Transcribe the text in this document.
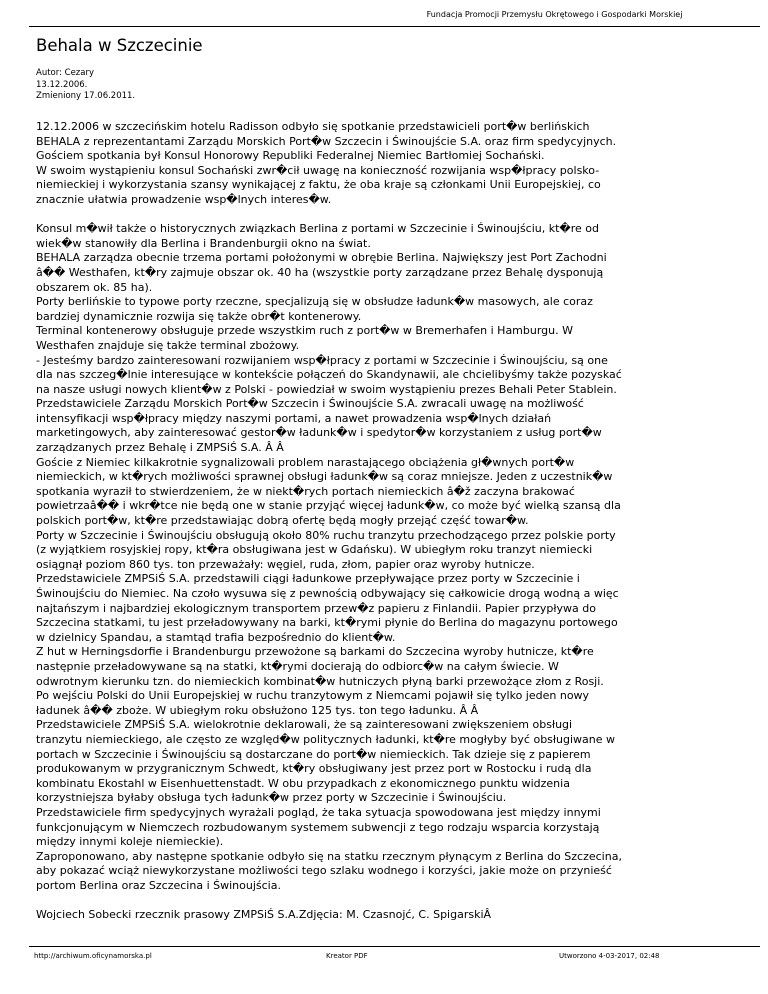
Fundacja Promocji Przemysłu Okrętowego i Gospodarki Morskiej
Behala w Szczecinie
Autor: Cezary
13.12.2006.
Zmieniony 17.06.2011.
12.12.2006 w szczecińskim hotelu Radisson odbyło się spotkanie przedstawicieli port�w berlińskich
BEHALA z reprezentantami Zarządu Morskich Port�w Szczecin i Świnoujście S.A. oraz firm spedycyjnych.
Gościem spotkania był Konsul Honorowy Republiki Federalnej Niemiec Bartłomiej Sochański.
W swoim wystąpieniu konsul Sochański zwr�cił uwagę na konieczność rozwijania wsp�łpracy polsko-
niemieckiej i wykorzystania szansy wynikającej z faktu, że oba kraje są członkami Unii Europejskiej, co
znacznie ułatwia prowadzenie wsp�lnych interes�w.
Konsul m�wił także o historycznych związkach Berlina z portami w Szczecinie i Świnoujściu, kt�re od
wiek�w stanowiły dla Berlina i Brandenburgii okno na świat.
BEHALA zarządza obecnie trzema portami położonymi w obrębie Berlina. Największy jest Port Zachodni
â�� Westhafen, kt�ry zajmuje obszar ok. 40 ha (wszystkie porty zarządzane przez Behalę dysponują
obszarem ok. 85 ha).
Porty berlińskie to typowe porty rzeczne, specjalizują się w obsłudze ładunk�w masowych, ale coraz
bardziej dynamicznie rozwija się także obr�t kontenerowy.
Terminal kontenerowy obsługuje przede wszystkim ruch z port�w w Bremerhafen i Hamburgu. W
Westhafen znajduje się także terminal zbożowy.
- Jesteśmy bardzo zainteresowani rozwijaniem wsp�łpracy z portami w Szczecinie i Świnoujściu, są one
dla nas szczeg�lnie interesujące w kontekście połączeń do Skandynawii, ale chcielibyśmy także pozyskać
na nasze usługi nowych klient�w z Polski - powiedział w swoim wystąpieniu prezes Behali Peter Stablein.
Przedstawiciele Zarządu Morskich Port�w Szczecin i Świnoujście S.A. zwracali uwagę na możliwość
intensyfikacji wsp�łpracy między naszymi portami, a nawet prowadzenia wsp�lnych działań
marketingowych, aby zainteresować gestor�w ładunk�w i spedytor�w korzystaniem z usług port�w
zarządzanych przez Behalę i ZMPSiŚ S.A. Â Â
Goście z Niemiec kilkakrotnie sygnalizowali problem narastającego obciążenia gł�wnych port�w
niemieckich, w kt�rych możliwości sprawnej obsługi ładunk�w są coraz mniejsze. Jeden z uczestnik�w
spotkania wyraził to stwierdzeniem, że w niekt�rych portach niemieckich â�ž zaczyna brakować
powietrzaâ�� i wkr�tce nie będą one w stanie przyjąć więcej ładunk�w, co może być wielką szansą dla
polskich port�w, kt�re przedstawiając dobrą ofertę będą mogły przejąć część towar�w.
Porty w Szczecinie i Świnoujściu obsługują około 80% ruchu tranzytu przechodzącego przez polskie porty
(z wyjątkiem rosyjskiej ropy, kt�ra obsługiwana jest w Gdańsku). W ubiegłym roku tranzyt niemiecki
osiągnął poziom 860 tys. ton przeważały: węgiel, ruda, złom, papier oraz wyroby hutnicze.
Przedstawiciele ZMPSiŚ S.A. przedstawili ciągi ładunkowe przepływające przez porty w Szczecinie i
Świnoujściu do Niemiec. Na czoło wysuwa się z pewnością odbywający się całkowicie drogą wodną a więc
najtańszym i najbardziej ekologicznym transportem przew�z papieru z Finlandii. Papier przypływa do
Szczecina statkami, tu jest przeładowywany na barki, kt�rymi płynie do Berlina do magazynu portowego
w dzielnicy Spandau, a stamtąd trafia bezpośrednio do klient�w.
Z hut w Herningsdorfie i Brandenburgu przewożone są barkami do Szczecina wyroby hutnicze, kt�re
następnie przeładowywane są na statki, kt�rymi docierają do odbiorc�w na całym świecie. W
odwrotnym kierunku tzn. do niemieckich kombinat�w hutniczych płyną barki przewożące złom z Rosji.
Po wejściu Polski do Unii Europejskiej w ruchu tranzytowym z Niemcami pojawił się tylko jeden nowy
ładunek â�� zboże. W ubiegłym roku obsłużono 125 tys. ton tego ładunku. Â Â
Przedstawiciele ZMPSiŚ S.A. wielokrotnie deklarowali, że są zainteresowani zwiększeniem obsługi
tranzytu niemieckiego, ale często ze względ�w politycznych ładunki, kt�re mogłyby być obsługiwane w
portach w Szczecinie i Świnoujściu są dostarczane do port�w niemieckich. Tak dzieje się z papierem
produkowanym w przygranicznym Schwedt, kt�ry obsługiwany jest przez port w Rostocku i rudą dla
kombinatu Ekostahl w Eisenhuettenstadt. W obu przypadkach z ekonomicznego punktu widzenia
korzystniejsza byłaby obsługa tych ładunk�w przez porty w Szczecinie i Świnoujściu.
Przedstawiciele firm spedycyjnych wyrażali pogląd, że taka sytuacja spowodowana jest między innymi
funkcjonującym w Niemczech rozbudowanym systemem subwencji z tego rodzaju wsparcia korzystają
między innymi koleje niemieckie).
Zaproponowano, aby następne spotkanie odbyło się na statku rzecznym płynącym z Berlina do Szczecina,
aby pokazać wciąż niewykorzystane możliwości tego szlaku wodnego i korzyści, jakie może on przynieść
portom Berlina oraz Szczecina i Świnoujścia.
Wojciech Sobecki rzecznik prasowy ZMPSiŚ S.A.Zdjęcia: M. Czasnojć, C. SpigarskiÂ
http://archiwum.oficynamorska.pl	Kreator PDF	Utworzono 4-03-2017, 02:48
